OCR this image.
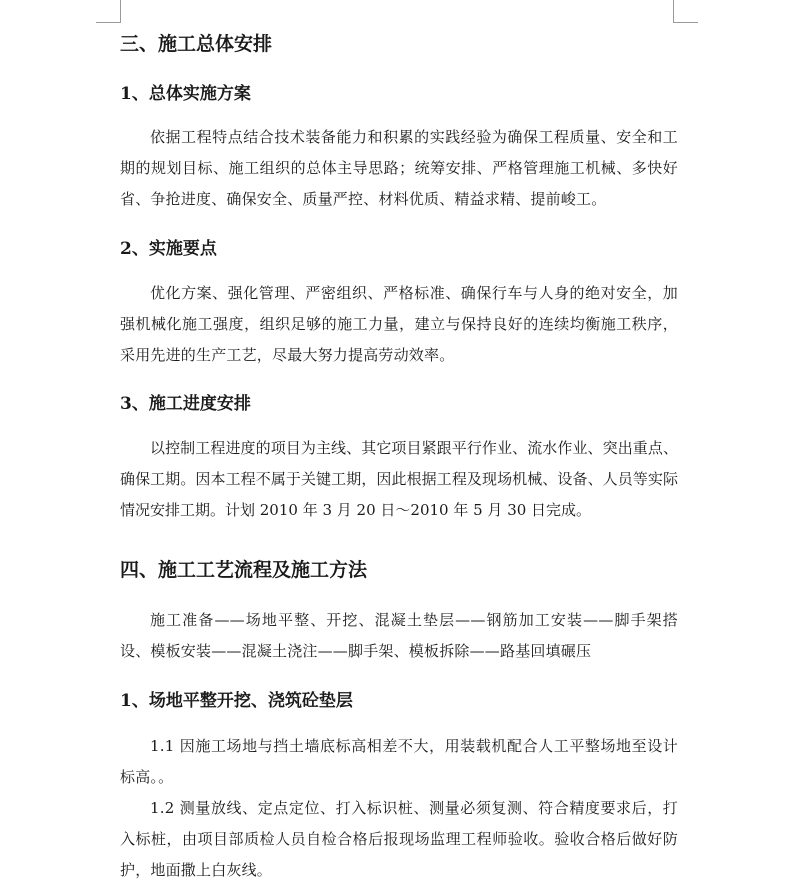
三、施工总体安排
1、总体实施方案

依据工程特点结合技术装备能力和积累的实践经验为确保工程质量、安全和工期的规划目标、施工组织的总体主导思路；统筹安排、严格管理施工机械、多快好省、争抢进度、确保安全、质量严控、材料优质、精益求精、提前峻工。

2、实施要点

优化方案、强化管理、严密组织、严格标准、确保行车与人身的绝对安全，加强机械化施工强度，组织足够的施工力量，建立与保持良好的连续均衡施工秩序，采用先进的生产工艺，尽最大努力提高劳动效率。

3、施工进度安排

以控制工程进度的项目为主线、其它项目紧跟平行作业、流水作业、突出重点、确保工期。因本工程不属于关键工期，因此根据工程及现场机械、设备、人员等实际情况安排工期。计划 2010 年 3 月 20 日～2010 年 5 月 30 日完成。

四、施工工艺流程及施工方法

施工准备——场地平整、开挖、混凝土垫层——钢筋加工安装——脚手架搭设、模板安装——混凝土浇注——脚手架、模板拆除——路基回填碾压

1、场地平整开挖、浇筑砼垫层

1.1 因施工场地与挡土墙底标高相差不大，用装载机配合人工平整场地至设计标高。。

1.2 测量放线、定点定位、打入标识桩、测量必须复测、符合精度要求后，打入标桩，由项目部质检人员自检合格后报现场监理工程师验收。验收合格后做好防护，地面撒上白灰线。
